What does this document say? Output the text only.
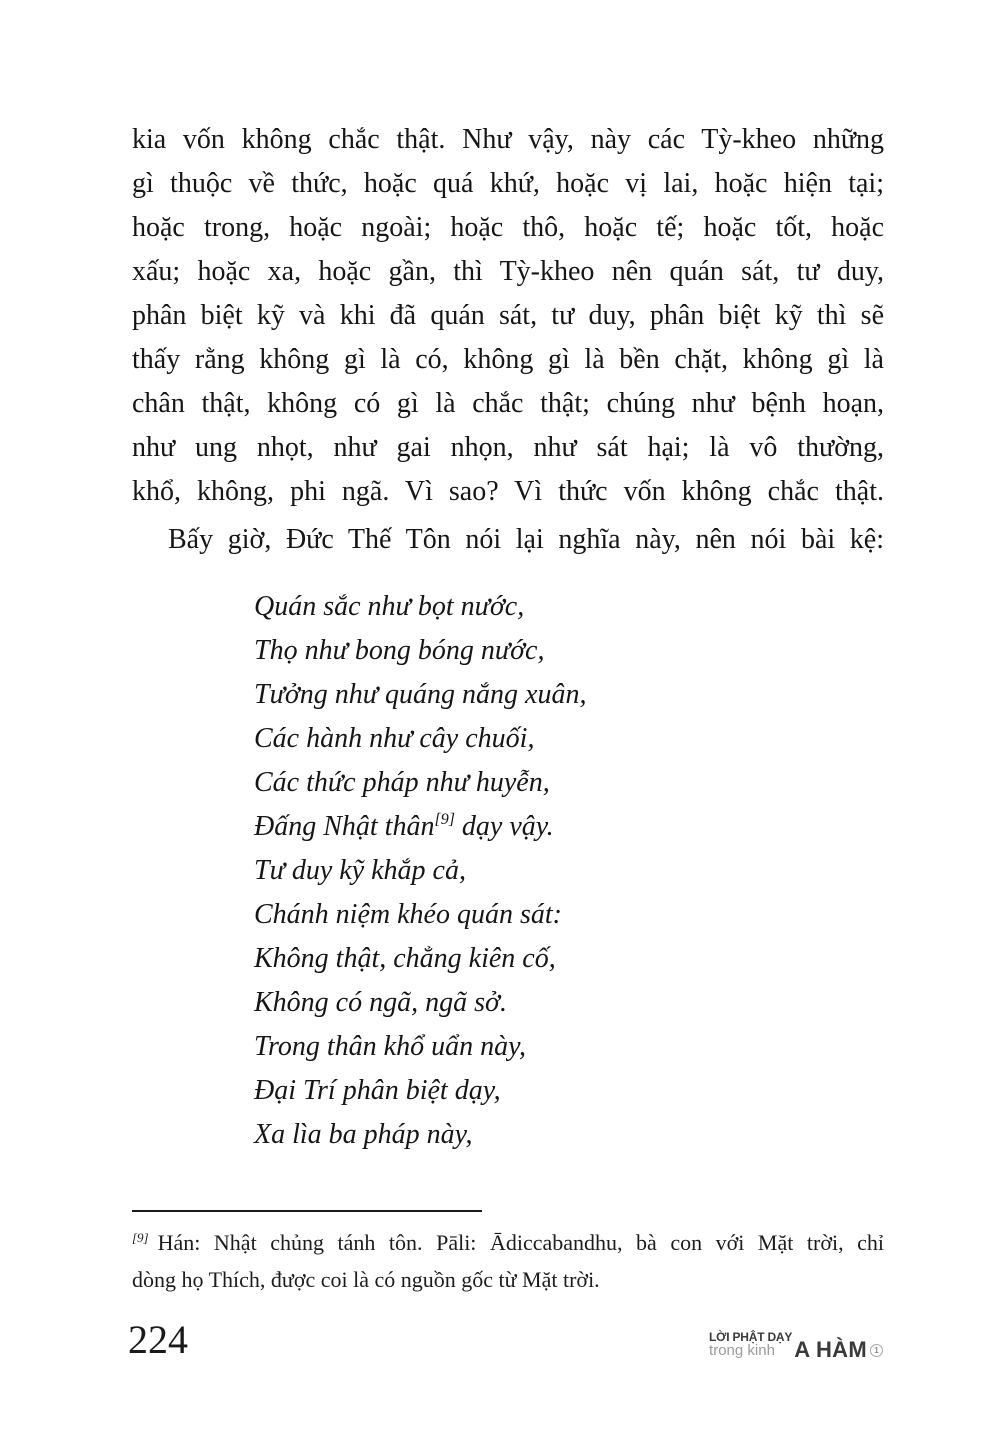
kia vốn không chắc thật. Như vậy, này các Tỳ-kheo những
gì thuộc về thức, hoặc quá khứ, hoặc vị lai, hoặc hiện tại;
hoặc trong, hoặc ngoài; hoặc thô, hoặc tế; hoặc tốt, hoặc
xấu; hoặc xa, hoặc gần, thì Tỳ-kheo nên quán sát, tư duy,
phân biệt kỹ và khi đã quán sát, tư duy, phân biệt kỹ thì sẽ
thấy rằng không gì là có, không gì là bền chặt, không gì là
chân thật, không có gì là chắc thật; chúng như bệnh hoạn,
như ung nhọt, như gai nhọn, như sát hại; là vô thường,
khổ, không, phi ngã. Vì sao? Vì thức vốn không chắc thật.
Bấy giờ, Đức Thế Tôn nói lại nghĩa này, nên nói bài kệ:
Quán sắc như bọt nước,
Thọ như bong bóng nước,
Tưởng như quáng nắng xuân,
Các hành như cây chuối,
Các thức pháp như huyễn,
Đấng Nhật thân[9] dạy vậy.
Tư duy kỹ khắp cả,
Chánh niệm khéo quán sát:
Không thật, chẳng kiên cố,
Không có ngã, ngã sở.
Trong thân khổ uẩn này,
Đại Trí phân biệt dạy,
Xa lìa ba pháp này,
[9] Hán: Nhật chủng tánh tôn. Pāli: Ādiccabandhu, bà con với Mặt trời, chỉ
dòng họ Thích, được coi là có nguồn gốc từ Mặt trời.
224	LỜI PHẬT DẠY
trong kinh A HÀM 1
